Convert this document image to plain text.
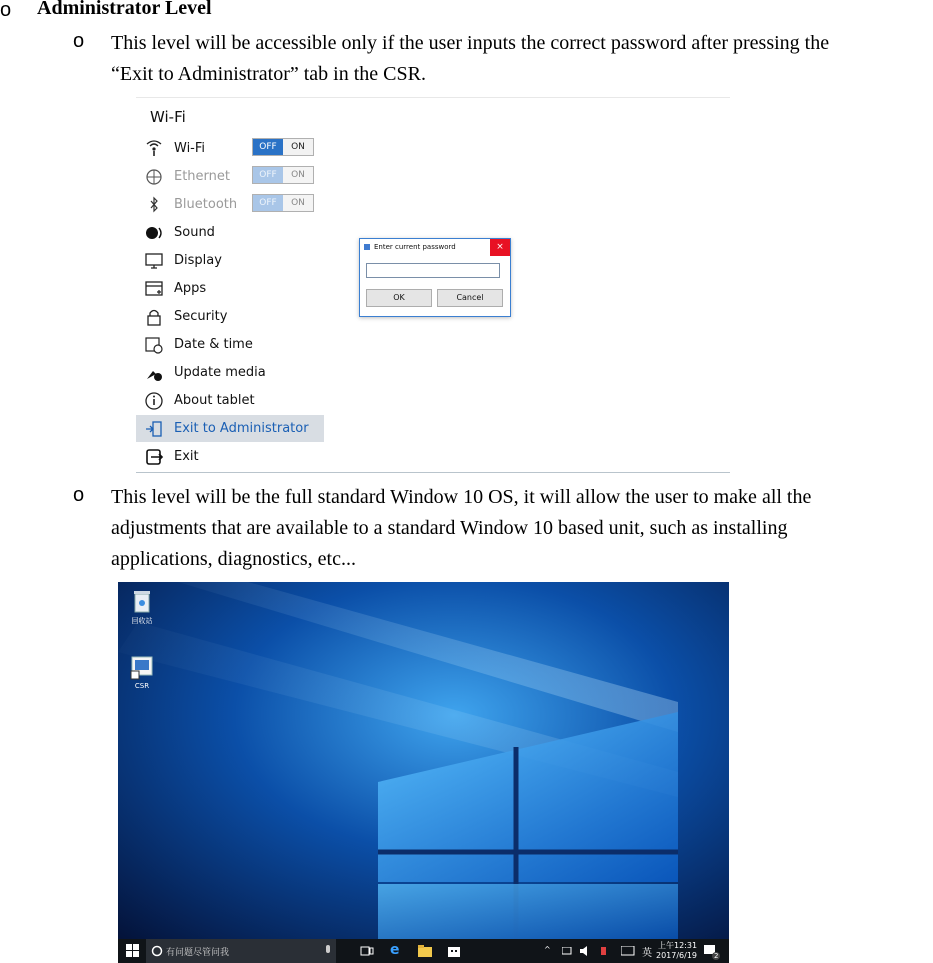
o Administrator Level
o This level will be accessible only if the user inputs the correct password after pressing the
“Exit to Administrator” tab in the CSR.
Wi-Fi
Wi-Fi	OFF	ON
Ethernet	OFF	ON
Bluetooth	OFF	ON
Sound
Display
Apps
Security
Date & time
Update media
About tablet
Exit to Administrator
Exit
Enter current password	×
OK	Cancel
o This level will be the full standard Window 10 OS, it will allow the user to make all the
adjustments that are available to a standard Window 10 based unit, such as installing
applications, diagnostics, etc...
回收站
CSR
有问题尽管问我	e	^	英
上午12:31
2017/6/19 2
